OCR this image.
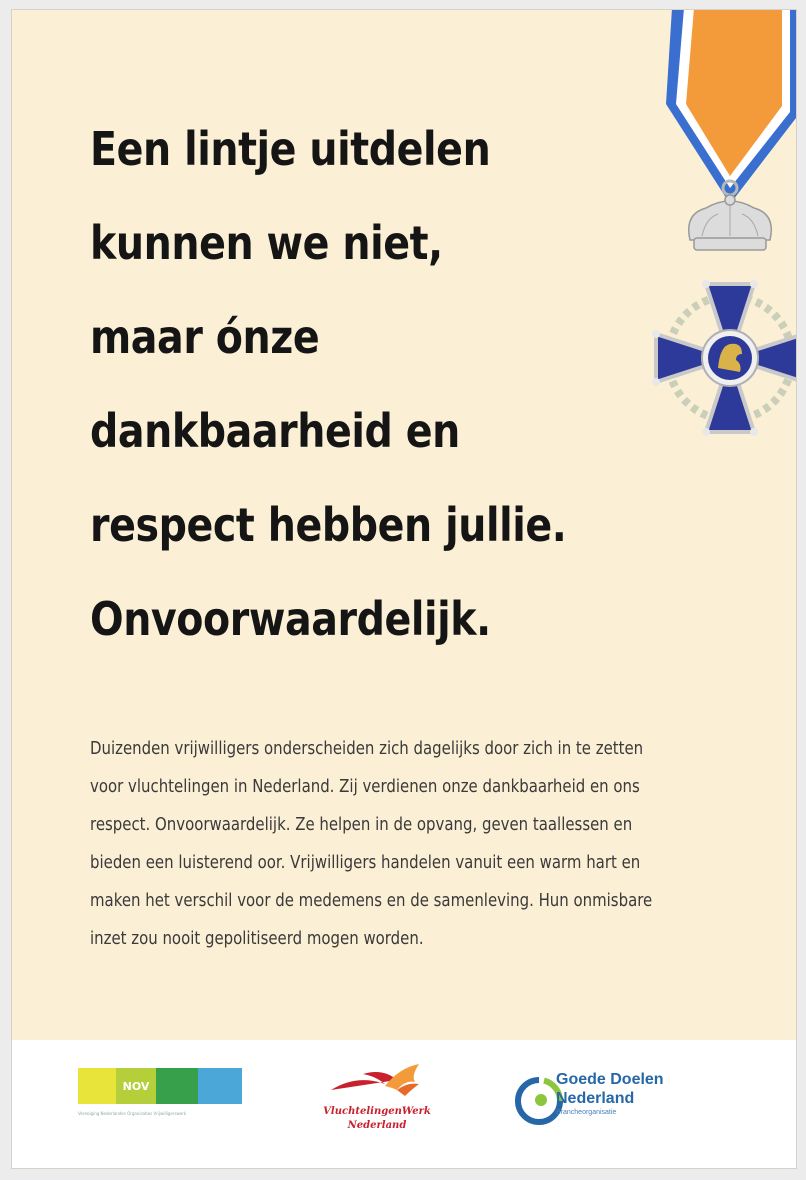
Een lintje uitdelen
kunnen we niet,
maar ónze
dankbaarheid en
respect hebben jullie.
Onvoorwaardelijk.
Duizenden vrijwilligers onderscheiden zich dagelijks door zich in te zetten
voor vluchtelingen in Nederland. Zij verdienen onze dankbaarheid en ons
respect. Onvoorwaardelijk. Ze helpen in de opvang, geven taallessen en
bieden een luisterend oor. Vrijwilligers handelen vanuit een warm hart en
maken het verschil voor de medemens en de samenleving. Hun onmisbare
inzet zou nooit gepolitiseerd mogen worden.
NOV
Vereniging Nederlandse Organisaties Vrijwilligerswerk	VluchtelingenWerk
Nederland
Goede Doelen
Nederland
Brancheorganisatie
